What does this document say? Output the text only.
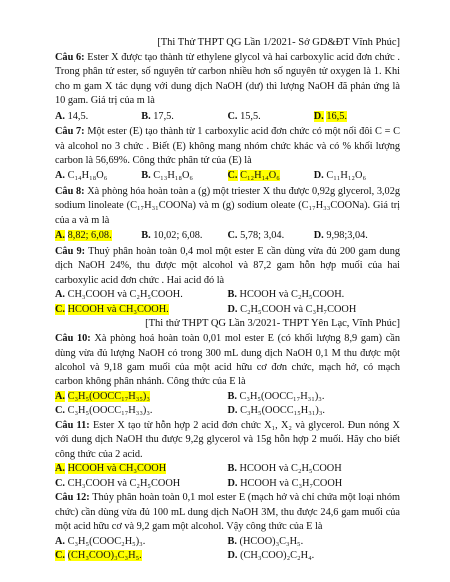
[Thi Thử THPT QG Lần 1/2021- Sở GD&ĐT Vĩnh Phúc]
Câu 6: Ester X được tạo thành từ ethylene glycol và hai carboxylic acid đơn chức . Trong phân tử ester, số nguyên tử carbon nhiều hơn số nguyên tử oxygen là 1. Khi cho m gam X tác dụng với dung dịch NaOH (dư) thì lượng NaOH đã phản ứng là 10 gam. Giá trị của m là
A. 14,5.	B. 17,5.	C. 15,5.	D. 16,5.
Câu 7: Một ester (E) tạo thành từ 1 carboxylic acid đơn chức có một nối đôi C = C và alcohol no 3 chức . Biết (E) không mang nhóm chức khác và có % khối lượng carbon là 56,69%. Công thức phân tử của (E) là
A. C₁₄H₁₈O₆	B. C₁₃H₁₈O₆	C. C₁₂H₁₄O₆	D. C₁₁H₁₂O₆
Câu 8: Xà phòng hóa hoàn toàn a (g) một triester X thu được 0,92g glycerol, 3,02g sodium linoleate (C₁₇H₃₁COONa) và m (g) sodium oleate (C₁₇H₃₃COONa). Giá trị của a và m là
A. 8,82; 6,08.	B. 10,02; 6,08.	C. 5,78; 3,04.	D. 9,98;3,04.
Câu 9: Thuỷ phân hoàn toàn 0,4 mol một ester E cần dùng vừa đủ 200 gam dung dịch NaOH 24%, thu được một alcohol và 87,2 gam hỗn hợp muối của hai carboxylic acid đơn chức . Hai acid đó là
A. CH₃COOH và C₂H₅COOH.	B. HCOOH và C₂H₅COOH.
C. HCOOH và CH₃COOH.	D. C₂H₅COOH và C₃H₇COOH
[Thi thử THPT QG Lần 3/2021- THPT Yên Lạc, Vĩnh Phúc]
Câu 10: Xà phòng hoá hoàn toàn 0,01 mol ester E (có khối lượng 8,9 gam) cần dùng vừa đủ lượng NaOH có trong 300 mL dung dịch NaOH 0,1 M thu được một alcohol và 9,18 gam muối của một acid hữu cơ đơn chức, mạch hở, có mạch carbon không phân nhánh. Công thức của E là
A. C₃H₅(OOCC₁₇H₃₅)₃	B. C₃H₅(OOCC₁₇H₃₁)₃.
C. C₃H₅(OOCC₁₇H₃₃)₃.	D. C₃H₅(OOCC₁₅H₃₁)₃.
Câu 11: Ester X tạo từ hỗn hợp 2 acid đơn chức X₁, X₂ và glycerol. Đun nóng X với dung dịch NaOH thu được 9,2g glycerol và 15g hỗn hợp 2 muối. Hãy cho biết công thức của 2 acid.
A. HCOOH và CH₃COOH	B. HCOOH và C₂H₅COOH
C. CH₃COOH và C₂H₅COOH	D. HCOOH và C₃H₇COOH
Câu 12: Thủy phân hoàn toàn 0,1 mol ester E (mạch hở và chỉ chứa một loại nhóm chức) cần dùng vừa đủ 100 mL dung dịch NaOH 3M, thu được 24,6 gam muối của một acid hữu cơ và 9,2 gam một alcohol. Vậy công thức của E là
A. C₃H₅(COOC₂H₅)₃.	B. (HCOO)₃C₃H₅.
C. (CH₃COO)₃C₃H₅.	D. (CH₃COO)₂C₂H₄.
